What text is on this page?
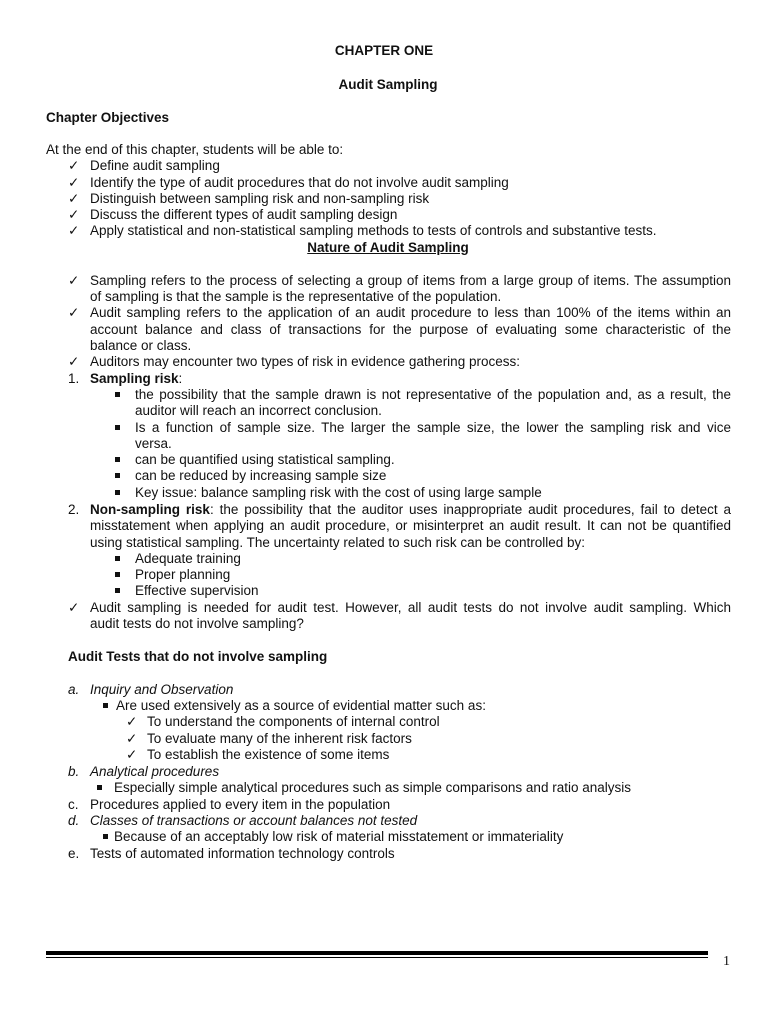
CHAPTER ONE
Audit Sampling
Chapter Objectives
At the end of this chapter, students will be able to:
✓ Define audit sampling
✓ Identify the type of audit procedures that do not involve audit sampling
✓ Distinguish between sampling risk and non-sampling risk
✓ Discuss the different types of audit sampling design
✓ Apply statistical and non-statistical sampling methods to tests of controls and substantive tests.
Nature of Audit Sampling
✓ Sampling refers to the process of selecting a group of items from a large group of items. The assumption
of sampling is that the sample is the representative of the population.
✓ Audit sampling refers to the application of an audit procedure to less than 100% of the items within an
account balance and class of transactions for the purpose of evaluating some characteristic of the
balance or class.
✓ Auditors may encounter two types of risk in evidence gathering process:
1. Sampling risk:
the possibility that the sample drawn is not representative of the population and, as a result, the
auditor will reach an incorrect conclusion.
Is a function of sample size. The larger the sample size, the lower the sampling risk and vice
versa.
can be quantified using statistical sampling.
can be reduced by increasing sample size
Key issue: balance sampling risk with the cost of using large sample
2. Non-sampling risk: the possibility that the auditor uses inappropriate audit procedures, fail to detect a
misstatement when applying an audit procedure, or misinterpret an audit result. It can not be quantified
using statistical sampling. The uncertainty related to such risk can be controlled by:
Adequate training
Proper planning
Effective supervision
✓ Audit sampling is needed for audit test. However, all audit tests do not involve audit sampling. Which
audit tests do not involve sampling?
Audit Tests that do not involve sampling
a. Inquiry and Observation
Are used extensively as a source of evidential matter such as:
✓ To understand the components of internal control
✓ To evaluate many of the inherent risk factors
✓ To establish the existence of some items
b. Analytical procedures
Especially simple analytical procedures such as simple comparisons and ratio analysis
c. Procedures applied to every item in the population
d. Classes of transactions or account balances not tested
Because of an acceptably low risk of material misstatement or immateriality
e. Tests of automated information technology controls
1
